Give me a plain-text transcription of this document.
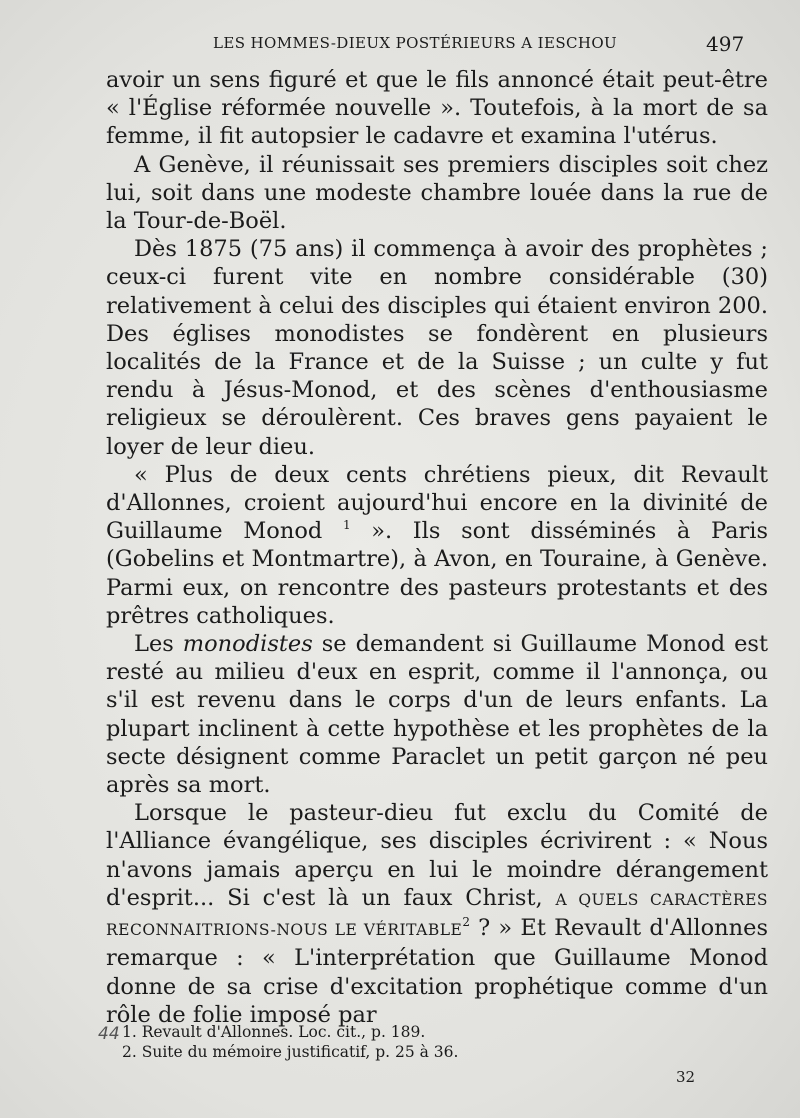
LES HOMMES-DIEUX POSTÉRIEURS A IESCHOU	497

avoir un sens figuré et que le fils annoncé était peut-être « l'Église réformée nouvelle ». Toutefois, à la mort de sa femme, il fit autopsier le cadavre et examina l'utérus.

A Genève, il réunissait ses premiers disciples soit chez lui, soit dans une modeste chambre louée dans la rue de la Tour-de-Boël.

Dès 1875 (75 ans) il commença à avoir des prophètes ; ceux-ci furent vite en nombre considérable (30) relativement à celui des disciples qui étaient environ 200. Des églises monodistes se fondèrent en plusieurs localités de la France et de la Suisse ; un culte y fut rendu à Jésus-Monod, et des scènes d'enthousiasme religieux se déroulèrent. Ces braves gens payaient le loyer de leur dieu.

« Plus de deux cents chrétiens pieux, dit Revault d'Allonnes, croient aujourd'hui encore en la divinité de Guillaume Monod $^1$ ». Ils sont disséminés à Paris (Gobelins et Montmartre), à Avon, en Touraine, à Genève. Parmi eux, on rencontre des pasteurs protestants et des prêtres catholiques.

Les monodistes se demandent si Guillaume Monod est resté au milieu d'eux en esprit, comme il l'annonça, ou s'il est revenu dans le corps d'un de leurs enfants. La plupart inclinent à cette hypothèse et les prophètes de la secte désignent comme Paraclet un petit garçon né peu après sa mort.

Lorsque le pasteur-dieu fut exclu du Comité de l'Alliance évangélique, ses disciples écrivirent : « Nous n'avons jamais aperçu en lui le moindre dérangement d'esprit... Si c'est là un faux Christ, A QUELS CARACTÈRES RECONNAITRIONS-NOUS LE VÉRITABLE$^2$ ? » Et Revault d'Allonnes remarque : « L'interprétation que Guillaume Monod donne de sa crise d'excitation prophétique comme d'un rôle de folie imposé par

44 1. Revault d'Allonnes. Loc. cit., p. 189.
2. Suite du mémoire justificatif, p. 25 à 36.
32
